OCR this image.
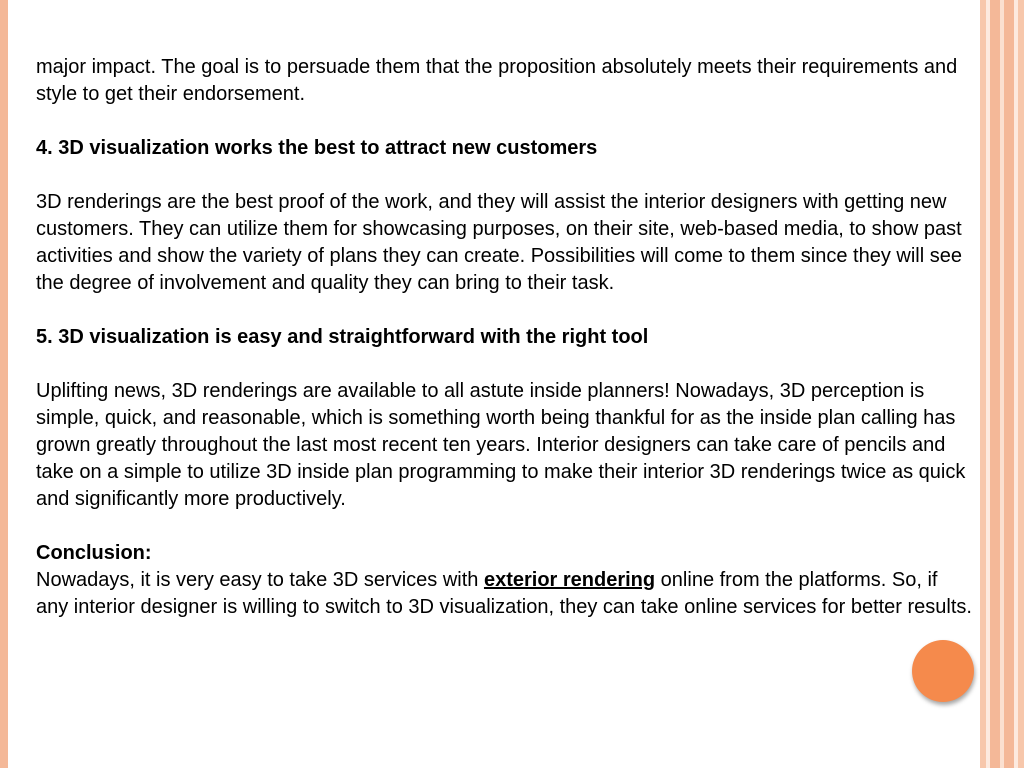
major impact. The goal is to persuade them that the proposition absolutely meets their requirements and style to get their endorsement.

4. 3D visualization works the best to attract new customers

3D renderings are the best proof of the work, and they will assist the interior designers with getting new customers. They can utilize them for showcasing purposes, on their site, web-based media, to show past activities and show the variety of plans they can create. Possibilities will come to them since they will see the degree of involvement and quality they can bring to their task.

5. 3D visualization is easy and straightforward with the right tool

Uplifting news, 3D renderings are available to all astute inside planners! Nowadays, 3D perception is simple, quick, and reasonable, which is something worth being thankful for as the inside plan calling has grown greatly throughout the last most recent ten years. Interior designers can take care of pencils and take on a simple to utilize 3D inside plan programming to make their interior 3D renderings twice as quick and significantly more productively.

Conclusion:

Nowadays, it is very easy to take 3D services with exterior rendering online from the platforms. So, if any interior designer is willing to switch to 3D visualization, they can take online services for better results.
